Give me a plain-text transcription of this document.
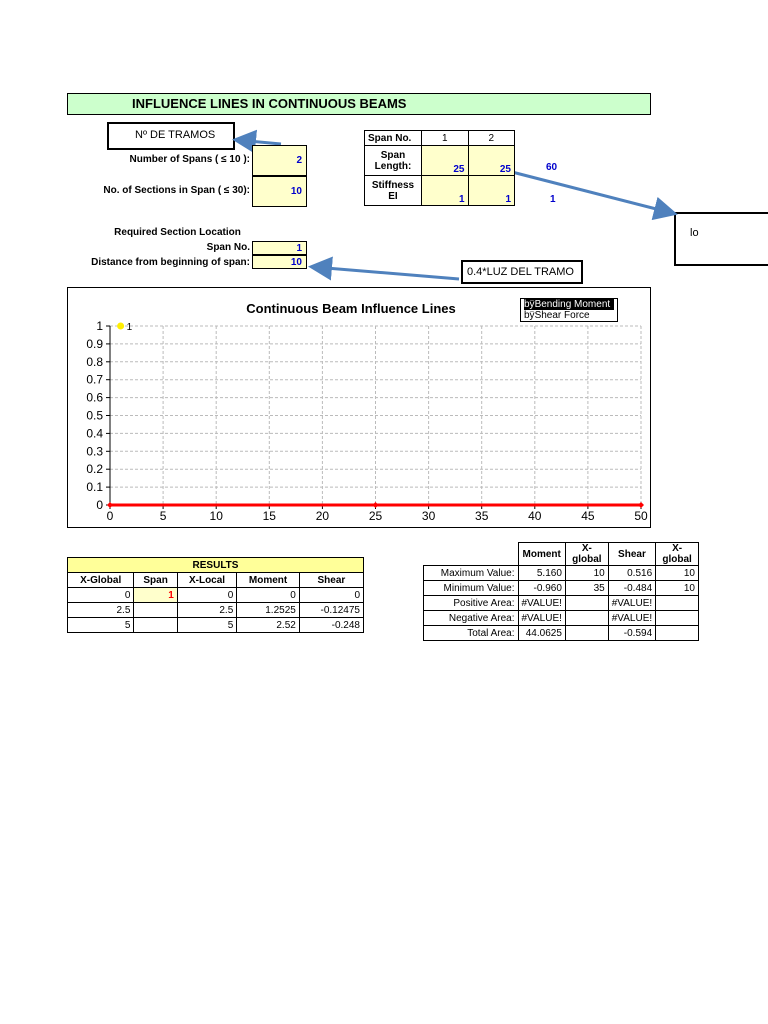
INFLUENCE LINES IN CONTINUOUS BEAMS
Nº DE TRAMOS
0.4*LUZ DEL TRAMO
lo
Number of Spans ( ≤ 10 ):	2
No. of Sections in Span ( ≤ 30):	10
Required Section Location
Span No.	1
Distance from beginning of span:	10
Span No.	1	2
Span Length:	25	25
Stiffness EI	1	1
60
1
Continuous Beam Influence Lines	bÿBending Moment
bÿShear Force
0	5	10	15	20	25	30	35	40	45	50
0
0.1
0.2
0.3
0.4
0.5
0.6
0.7
0.8
0.9
1 1
RESULTS				
X-Global	Span	X-Local	Moment	Shear
0	1	0	0	0
2.5		2.5	1.2525	-0.12475
5		5	2.52	-0.248
	Moment	X-global	Shear	X-global
Maximum Value:	5.160	10	0.516	10
Minimum Value:	-0.960	35	-0.484	10
Positive Area:	#VALUE!		#VALUE!	
Negative Area:	#VALUE!		#VALUE!	
Total Area:	44.0625		-0.594	
